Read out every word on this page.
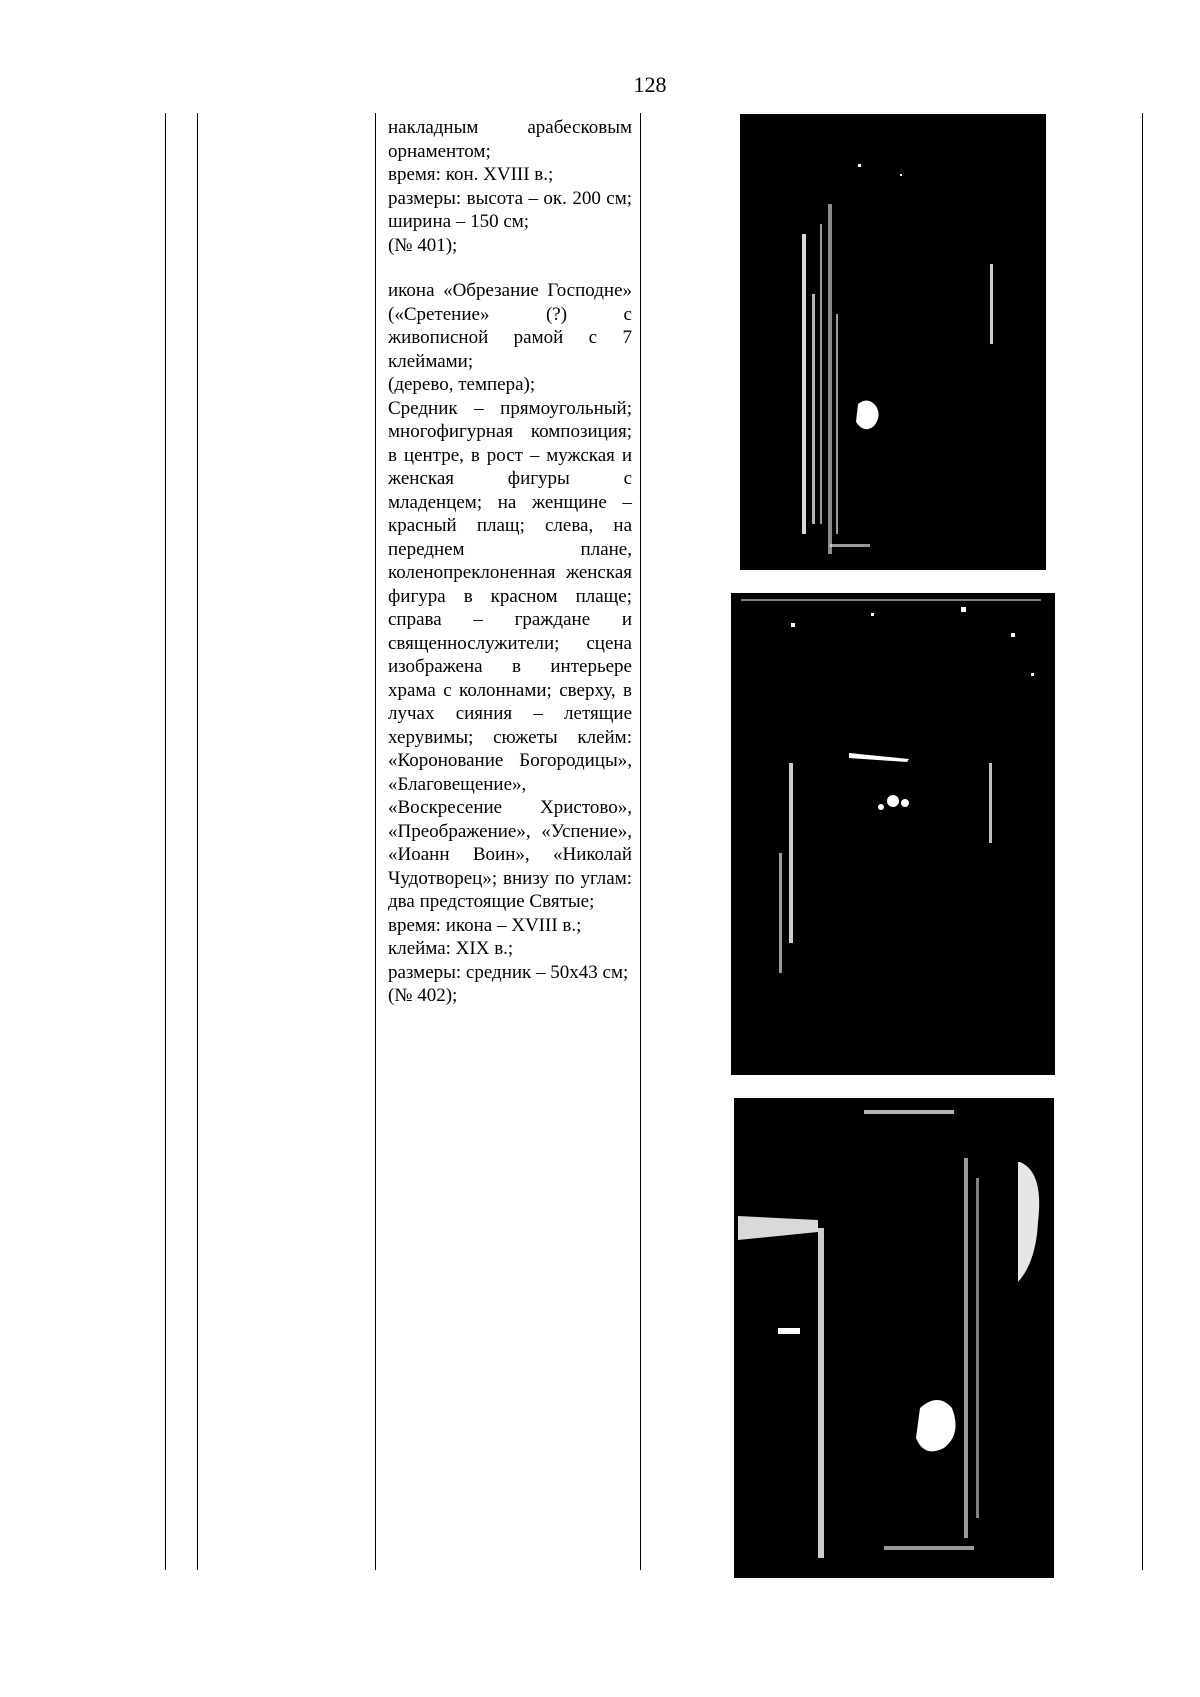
128

накладным арабесковым орнаментом;

время: кон. XVIII в.;

размеры: высота – ок. 200 см; ширина – 150 см;

(№ 401);

икона «Обрезание Господне» («Сретение» (?) с живописной рамой с 7 клеймами;

(дерево, темпера);

Средник – прямоугольный; многофигурная композиция; в центре, в рост – мужская и женская фигуры с младенцем; на женщине – красный плащ; слева, на переднем плане, коленопреклоненная женская фигура в красном плаще; справа – граждане и священнослужители; сцена изображена в интерьере храма с колоннами; сверху, в лучах сияния – летящие херувимы; сюжеты клейм: «Коронование Богородицы», «Благовещение», «Воскресение Христово», «Преображение», «Успение», «Иоанн Воин», «Николай Чудотворец»; внизу по углам: два предстоящие Святые;

время: икона – XVIII в.;

клейма: XIX в.;

размеры: средник – 50x43 см;

(№ 402);
